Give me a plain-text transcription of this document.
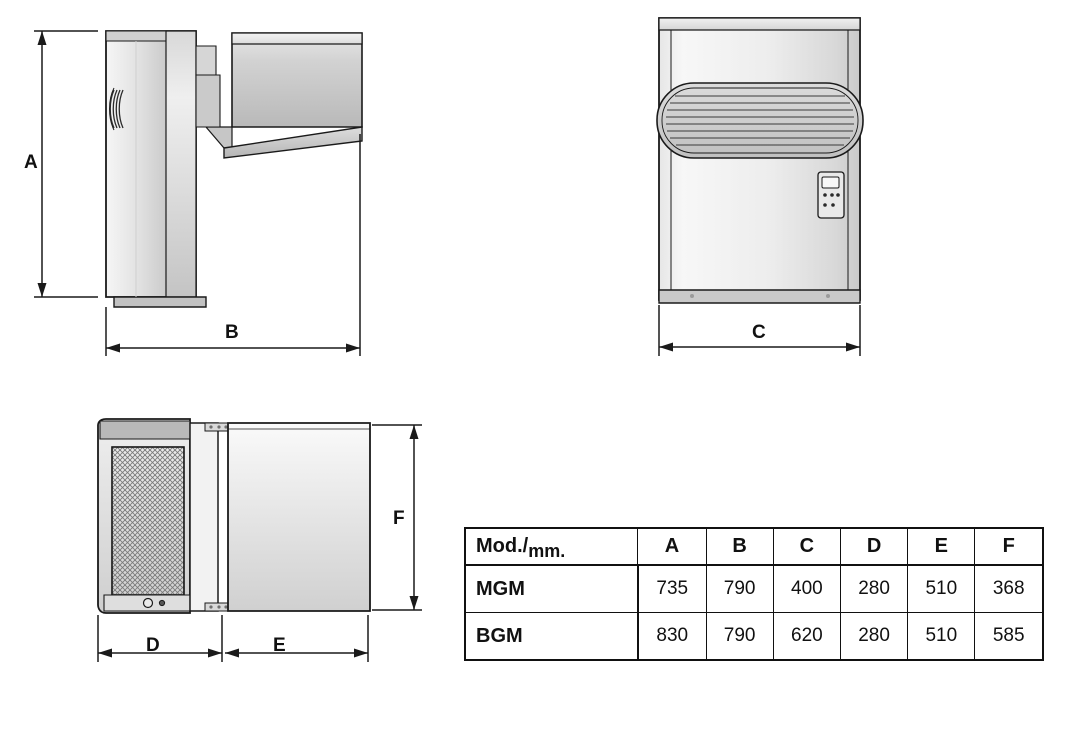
A
B	C
F
D	E
Mod./mm.	A	B	C	D	E	F
MGM	735	790	400	280	510	368
BGM	830	790	620	280	510	585
